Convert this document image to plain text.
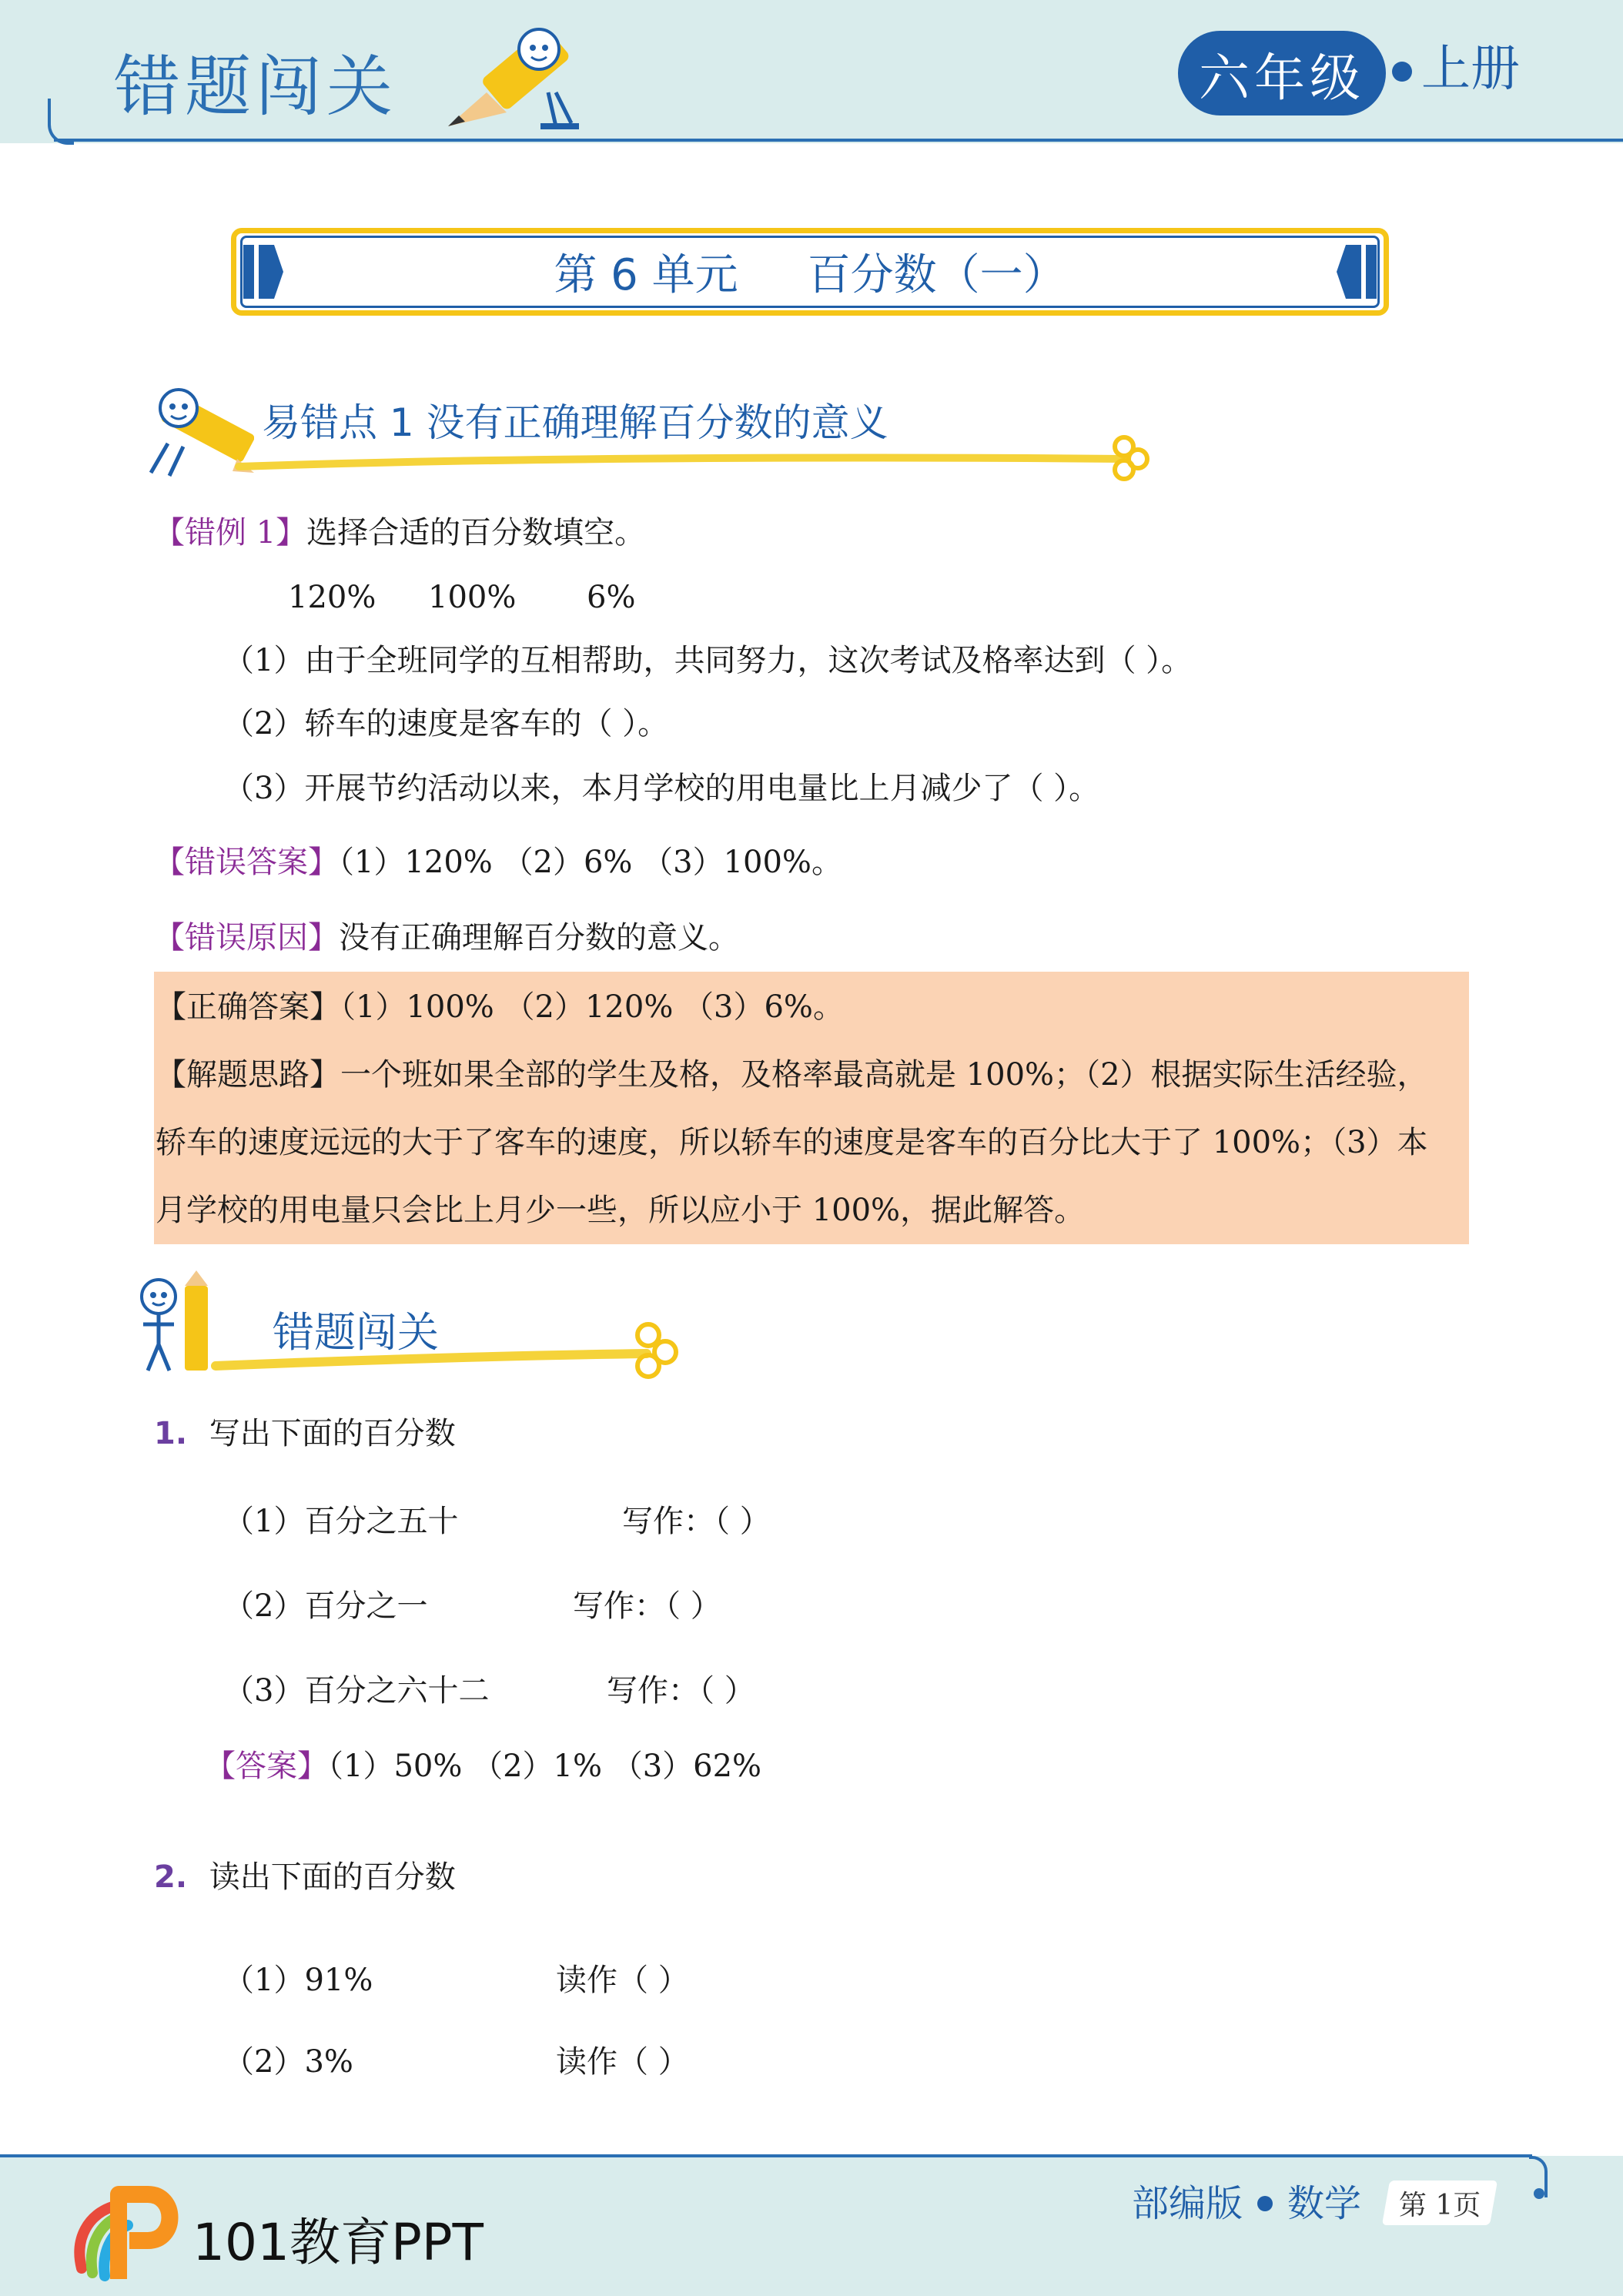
错题闯关	六年级	上册
第 6 单元 百分数（一）
易错点 1 没有正确理解百分数的意义
【错例 1】选择合适的百分数填空。
120% 100% 6%
（1）由于全班同学的互相帮助，共同努力，这次考试及格率达到（ ）。
（2）轿车的速度是客车的（ ）。
（3）开展节约活动以来，本月学校的用电量比上月减少了（ ）。
【错误答案】（1）120% （2）6% （3）100%。
【错误原因】没有正确理解百分数的意义。
【正确答案】（1）100% （2）120% （3）6%。
【解题思路】一个班如果全部的学生及格，及格率最高就是 100%；（2）根据实际生活经验，
轿车的速度远远的大于了客车的速度，所以轿车的速度是客车的百分比大于了 100%；（3）本
月学校的用电量只会比上月少一些，所以应小于 100%，据此解答。
错题闯关
1. 写出下面的百分数
（1）百分之五十	写作：（ ）
（2）百分之一	写作：（ ）
（3）百分之六十二	写作：（ ）
【答案】（1）50% （2）1% （3）62%
2. 读出下面的百分数
（1）91%	读作（ ）
（2）3%	读作（ ）
101教育PPT
部编版 数学 第 1页
